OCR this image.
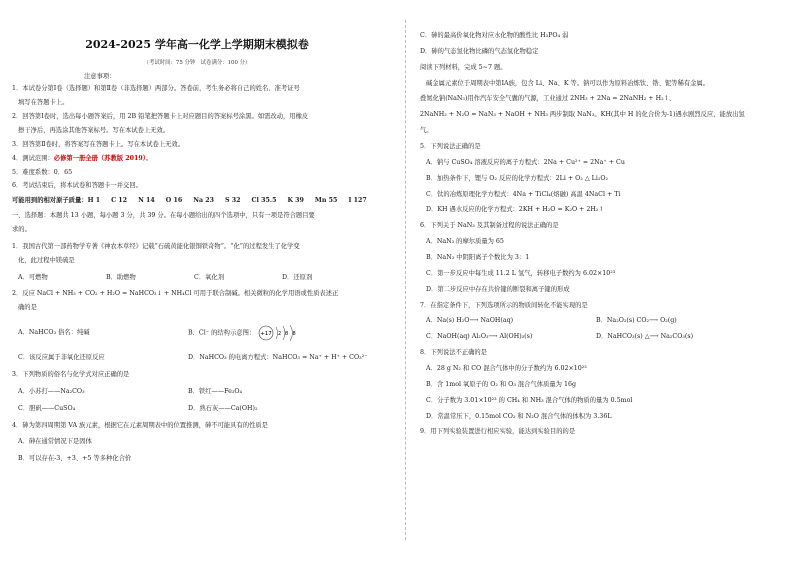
2024-2025 学年高一化学上学期期末模拟卷
（考试时间：75 分钟　试卷满分：100 分）
注意事项：

1．本试卷分第Ⅰ卷（选择题）和第Ⅱ卷（非选择题）两部分。答卷前，考生务必将自己的姓名、准考证号

填写在答题卡上。

2．回答第Ⅰ卷时，选出每小题答案后，用 2B 铅笔把答题卡上对应题目的答案标号涂黑。如需改动，用橡皮

擦干净后，再选涂其他答案标号。写在本试卷上无效。

3．回答第Ⅱ卷时，将答案写在答题卡上。写在本试卷上无效。

4．测试范围：必修第一册全册（苏教版 2019）。

5．难度系数：0．65

6．考试结束后，将本试卷和答题卡一并交回。

可能用到的相对原子质量： H 1 C 12 N 14 O 16 Na 23 S 32 Cl 35.5 K 39 Mn 55 I 127

一、选择题：本题共 13 小题，每小题 3 分，共 39 分。在每小题给出的四个选项中，只有一项是符合题目要

求的。

1．我国古代第一部药物学专著《神农本草经》记载“石硫黄能化银铜铁奇物”。“化”的过程发生了化学变

化，此过程中镁硫是

A．可燃物	B．助燃物	C．氧化剂	D．还原剂

2．反应 NaCl + NH₃ + CO₂ + H₂O = NaHCO₃↓ + NH₄Cl 可用于联合制碱。相关微粒的化学用语或性质表述正

确的是

A．NaHCO₃ 俗名：纯碱	B．Cl⁻ 的结构示意图： +17 2 8 8
C．该反应属于非氧化还原反应	D．NaHCO₃ 的电离方程式：NaHCO₃ = Na⁺ + H⁺ + CO₃²⁻

3．下列物质的俗名与化学式对应正确的是

A．小苏打——Na₂CO₃	B．铁红——Fe₃O₄
C．胆矾——CuSO₄	D．熟石灰——Ca(OH)₂

4．砷为第四周期第 VA 族元素，根据它在元素周期表中的位置推测，砷不可能具有的性质是

A．砷在通常情况下是固体

B．可以存在-3、+3、+5 等多种化合价

C．砷的最高价氧化物对应水化物的酸性比 H₃PO₄ 弱

D．砷的气态氢化物比磷的气态氢化物稳定

阅读下列材料，完成 5~7 题。

碱金属元素位于周期表中第ⅠA族，包含 Li、Na、K 等。钠可以作为原料冶炼钛、锆、铌等稀有金属。

叠氮化钠(NaN₃)用作汽车安全气囊的气源，工业通过 2NH₃ + 2Na = 2NaNH₂ + H₂↑、

2NaNH₂ + N₂O = NaN₃ + NaOH + NH₃ 两步制取 NaN₃。KH(其中 H 的化合价为-1)遇水剧烈反应，能放出氢

气。

5．下列说法正确的是

A．钠与 CuSO₄ 溶液反应的离子方程式：2Na + Cu²⁺ = 2Na⁺ + Cu

B．加热条件下，锂与 O₂ 反应的化学方程式：2Li + O₂ △ Li₂O₂

C．钛的冶炼原理化学方程式：4Na + TiCl₄(熔融) 高温 4NaCl + Ti

D．KH 遇水反应的化学方程式：2KH + H₂O = K₂O + 2H₂↑

6．下列关于 NaN₃ 及其制备过程的说法正确的是

A．NaN₃ 的摩尔质量为 65

B．NaN₃ 中阴阳离子个数比为 3：1

C．第一步反应中每生成 11.2 L 氢气，转移电子数约为 6.02×10²³

D．第二步反应中存在共价键的断裂和离子键的形成

7．在指定条件下，下列选项所示的物质间转化不能实现的是

A．Na(s) H₂O⟶ NaOH(aq)	B．Na₂O₂(s) CO₂⟶ O₂(g)
C．NaOH(aq) Al₂O₃⟶ Al(OH)₃(s)	D．NaHCO₃(s) △⟶ Na₂CO₃(s)

8．下列说法不正确的是

A．28 g N₂ 和 CO 混合气体中的分子数约为 6.02×10²³

B．含 1mol 氧原子的 O₂ 和 O₃ 混合气体质量为 16g

C．分子数为 3.01×10²³ 的 CH₄ 和 NH₃ 混合气体的物质的量为 0.5mol

D．常温常压下，0.15mol CO₂ 和 N₂O 混合气体的体积为 3.36L

9．用下列实验装置进行相应实验，能达到实验目的的是
